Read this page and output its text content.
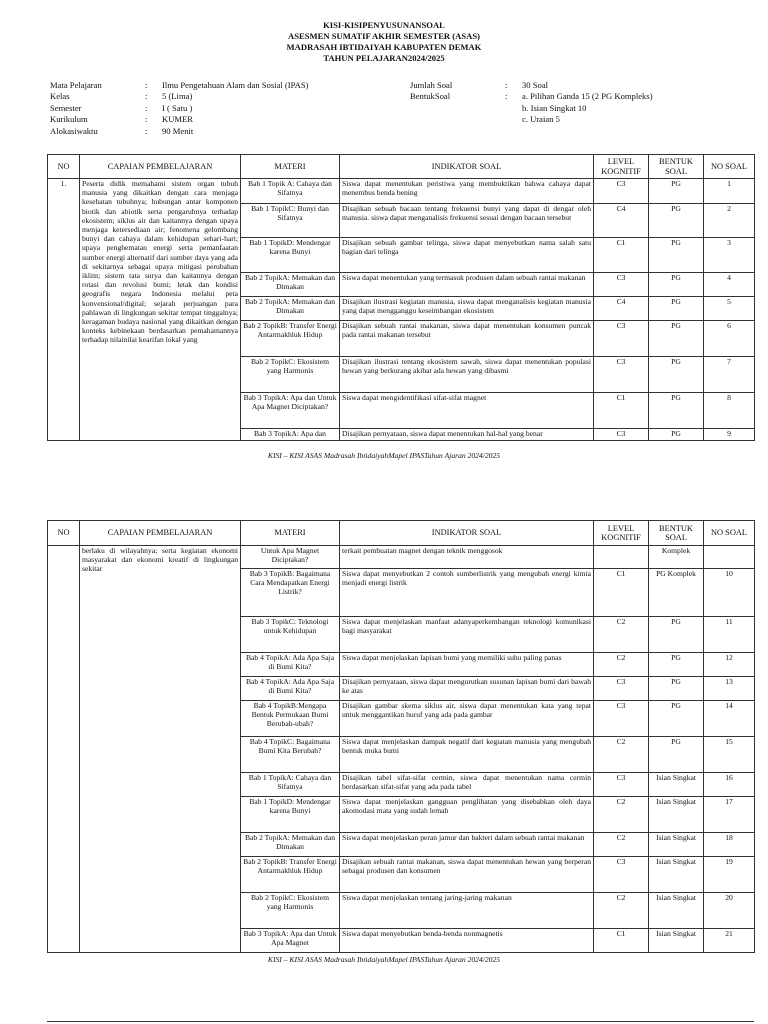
KISI-KISIPENYUSUNANSOAL
ASESMEN SUMATIF AKHIR SEMESTER (ASAS)
MADRASAH IBTIDAIYAH KABUPATEN DEMAK
TAHUN PELAJARAN2024/2025
Mata Pelajaran	:	Ilmu Pengetahuan Alam dan Sosial (IPAS)
Kelas	:	5 (Lima)
Semester	:	I ( Satu )
Kurikulum	:	KUMER
Alokasiwaktu	:	90 Menit
Jumlah Soal	:	30 Soal
BentukSoal	:	a. Pilihan Ganda 15 (2 PG Kompleks)
b. Isian Singkat 10
c. Uraian 5
NO	CAPAIAN PEMBELAJARAN	MATERI	INDIKATOR SOAL	LEVEL KOGNITIF	BENTUK SOAL	NO SOAL
1.	Peserta didik memahami sistem organ tubuh manusia yang dikaitkan dengan cara menjaga kesehatan tubuhnya; hubungan antar komponen biotik dan abiotik serta pengaruhnya terhadap ekosistem; siklus air dan kaitannya dengan upaya menjaga ketersediaan air; fenomena gelombang bunyi dan cahaya dalam kehidupan sehari-hari; upaya penghematan energi serta pemanfaatan sumber energi alternatif dari sumber daya yang ada di sekitarnya sebagai upaya mitigasi perubahan iklim; sistem tata surya dan kaitannya dengan rotasi dan revolusi bumi; letak dan kondisi geografis negara Indonesia melalui peta konvensional/digital; sejarah perjuangan para pahlawan di lingkungan sekitar tempat tinggalnya; keragaman budaya nasional yang dikaitkan dengan konteks kebinekaan berdasarkan pemahamannya terhadap nilainilai kearifan lokal yang	Bab 1 Topik A: Cahaya dan Sifatnya	Siswa dapat menentukan peristiwa yang membuktikan bahwa cahaya dapat menembus benda bening	C3	PG	1
		Bab 1 TopikC: Bunyi dan Sifatnya	Disajikan sebuah bacaan tentang frekuensi bunyi yang dapat di dengar oleh manusia. siswa dapat menganalisis frekuensi sesuai dengan bacaan tersebut	C4	PG	2
		Bab 1 TopikD: Mendengar karena Bunyi	Disajikan sebuah gambar telinga, siswa dapat menyebutkan nama salah satu bagian dari telinga	C1	PG	3
		Bab 2 TopikA: Memakan dan Dimakan	Siswa dapat menentukan yang termasuk produsen dalam sebuah rantai makanan	C3	PG	4
		Bab 2 TopikA: Memakan dan Dimakan	Disajikan ilustrasi kegiatan manusia, siswa dapat menganalisis kegiatan manusia yang dapat mengganggu keseimbangan ekosistem	C4	PG	5
		Bab 2 TopikB: Transfer Energi Antarmakhluk Hidup	Disajikan sebuah rantai makanan, siswa dapat menentukan konsumen puncak pada rantai makanan tersebut	C3	PG	6
		Bab 2 TopikC: Ekosistem yang Harmonis	Disajikan ilustrasi tentang ekosistem sawah, siswa dapat menentukan populasi hewan yang berkurang akibat ada hewan yang dibasmi	C3	PG	7
		Bab 3 TopikA: Apa dan Untuk Apa Magnet Diciptakan?	Siswa dapat mengidentifikasi sifat-sifat magnet	C1	PG	8
		Bab 3 TopikA: Apa dan	Disajikan pernyataan, siswa dapat menentukan hal-hal yang benar	C3	PG	9
KISI – KISI ASAS Madrasah IbtidaiyahMapel IPASTahun Ajaran 2024/2025
NO	CAPAIAN PEMBELAJARAN	MATERI	INDIKATOR SOAL	LEVEL KOGNITIF	BENTUK SOAL	NO SOAL
	berlaku di wilayahnya; serta kegiatan ekonomi masyarakat dan ekonomi kreatif di lingkungan sekitar	Untuk Apa Magnet Diciptakan?	terkait pembuatan magnet dengan teknik menggosok		Komplek	
		Bab 3 TopikB: Bagaimana Cara Mendapatkan Energi Listrik?	Siswa dapat menyebutkan 2 contoh sumberlistrik yang mengubah energi kimia menjadi energi listrik	C1	PG Komplek	10
		Bab 3 TopikC: Teknologi untuk Kehidupan	Siswa dapat menjelaskan manfaat adanyaperkembangan teknologi komunikasi bagi masyarakat	C2	PG	11
		Bab 4 TopikA: Ada Apa Saja di Bumi Kita?	Siswa dapat menjelaskan lapisan bumi yang memiliki suhu paling panas	C2	PG	12
		Bab 4 TopikA: Ada Apa Saja di Bumi Kita?	Disajikan pernyataan, siswa dapat mengurutkan susunan lapisan bumi dari bawah ke atas	C3	PG	13
		Bab 4 TopikB:Mengapa Bentuk Permukaan Bumi Berubah-ubah?	Disajikan gambar skema siklus air, siswa dapat menentukan kata yang tepat untuk menggantikan huruf yang ada pada gambar	C3	PG	14
		Bab 4 TopikC: Bagaimana Bumi Kita Berubah?	Siswa dapat menjelaskan dampak negatif dari kegiatan manusia yang mengubah bentuk muka bumi	C2	PG	15
		Bab 1 TopikA: Cahaya dan Sifatnya	Disajikan tabel sifat-sifat cermin, siswa dapat menentukan nama cermin berdasarkan sifat-sifat yang ada pada tabel	C3	Isian Singkat	16
		Bab 1 TopikD: Mendengar karena Bunyi	Siswa dapat menjelaskan gangguan penglihatan yang disebabkan oleh daya akomodasi mata yang sudah lemah	C2	Isian Singkat	17
		Bab 2 TopikA: Memakan dan Dimakan	Siswa dapat menjelaskan peran jamur dan bakteri dalam sebuah rantai makanan	C2	Isian Singkat	18
		Bab 2 TopikB: Transfer Energi Antarmakhluk Hidup	Disajikan sebuah rantai makanan, siswa dapat menentukan hewan yang berperan sebagai produsen dan konsumen	C3	Isian Singkat	19
		Bab 2 TopikC: Ekosistem yang Harmonis	Siswa dapat menjelaskan tentang jaring-jaring makanan	C2	Isian Singkat	20
		Bab 3 TopikA: Apa dan Untuk Apa Magnet	Siswa dapat menyebutkan benda-benda nonmagnetis	C1	Isian Singkat	21
KISI – KISI ASAS Madrasah IbtidaiyahMapel IPASTahun Ajaran 2024/2025
